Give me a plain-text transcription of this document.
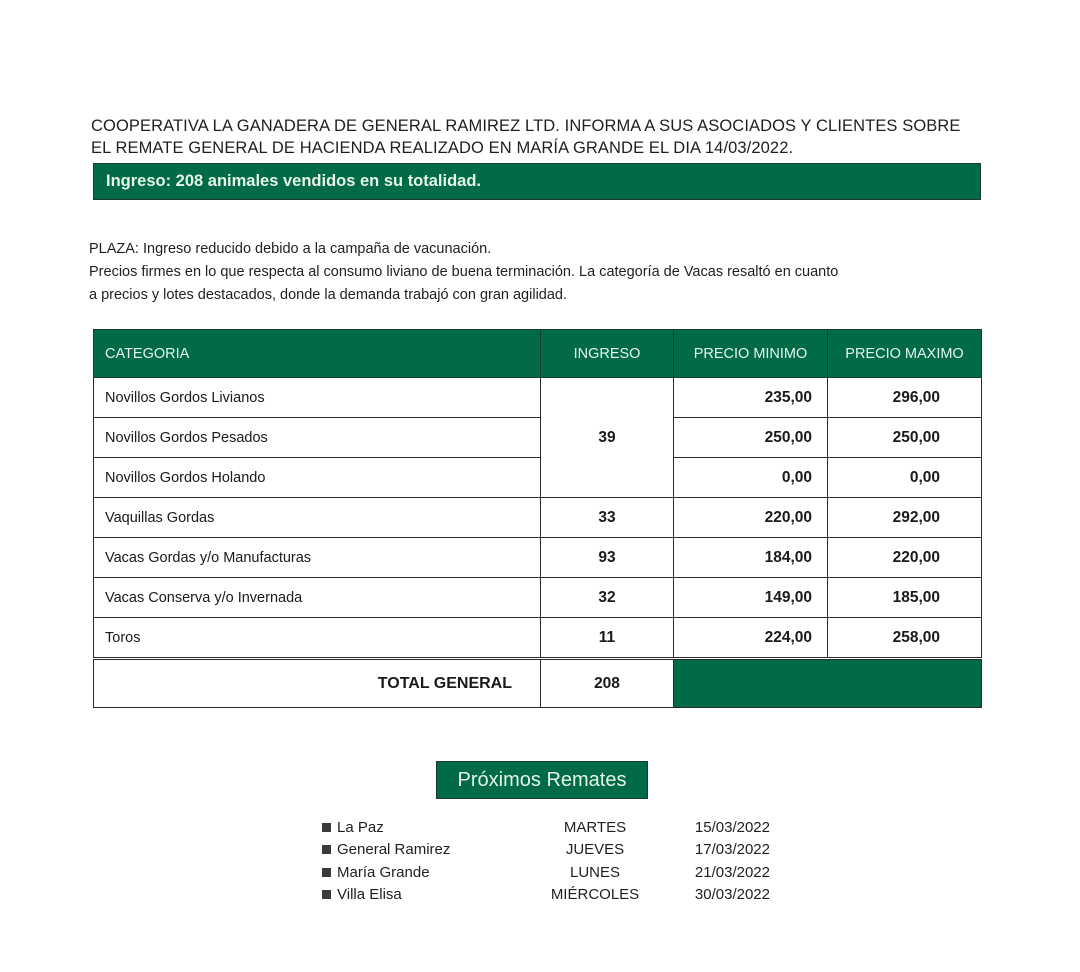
COOPERATIVA LA GANADERA DE GENERAL RAMIREZ LTD. INFORMA A SUS ASOCIADOS Y CLIENTES SOBRE
EL REMATE GENERAL DE HACIENDA REALIZADO EN MARÍA GRANDE EL DIA 14/03/2022.
Ingreso: 208 animales vendidos en su totalidad.
PLAZA: Ingreso reducido debido a la campaña de vacunación.
Precios firmes en lo que respecta al consumo liviano de buena terminación. La categoría de Vacas resaltó en cuanto
a precios y lotes destacados, donde la demanda trabajó con gran agilidad.
CATEGORIA	INGRESO	PRECIO MINIMO	PRECIO MAXIMO
Novillos Gordos Livianos	39	235,00	296,00
Novillos Gordos Pesados		250,00	250,00
Novillos Gordos Holando		0,00	0,00
Vaquillas Gordas	33	220,00	292,00
Vacas Gordas y/o Manufacturas	93	184,00	220,00
Vacas Conserva y/o Invernada	32	149,00	185,00
Toros	11	224,00	258,00
TOTAL GENERAL	208		
Próximos Remates
La Paz	MARTES	15/03/2022
General Ramirez	JUEVES	17/03/2022
María Grande	LUNES	21/03/2022
Villa Elisa	MIÉRCOLES	30/03/2022
